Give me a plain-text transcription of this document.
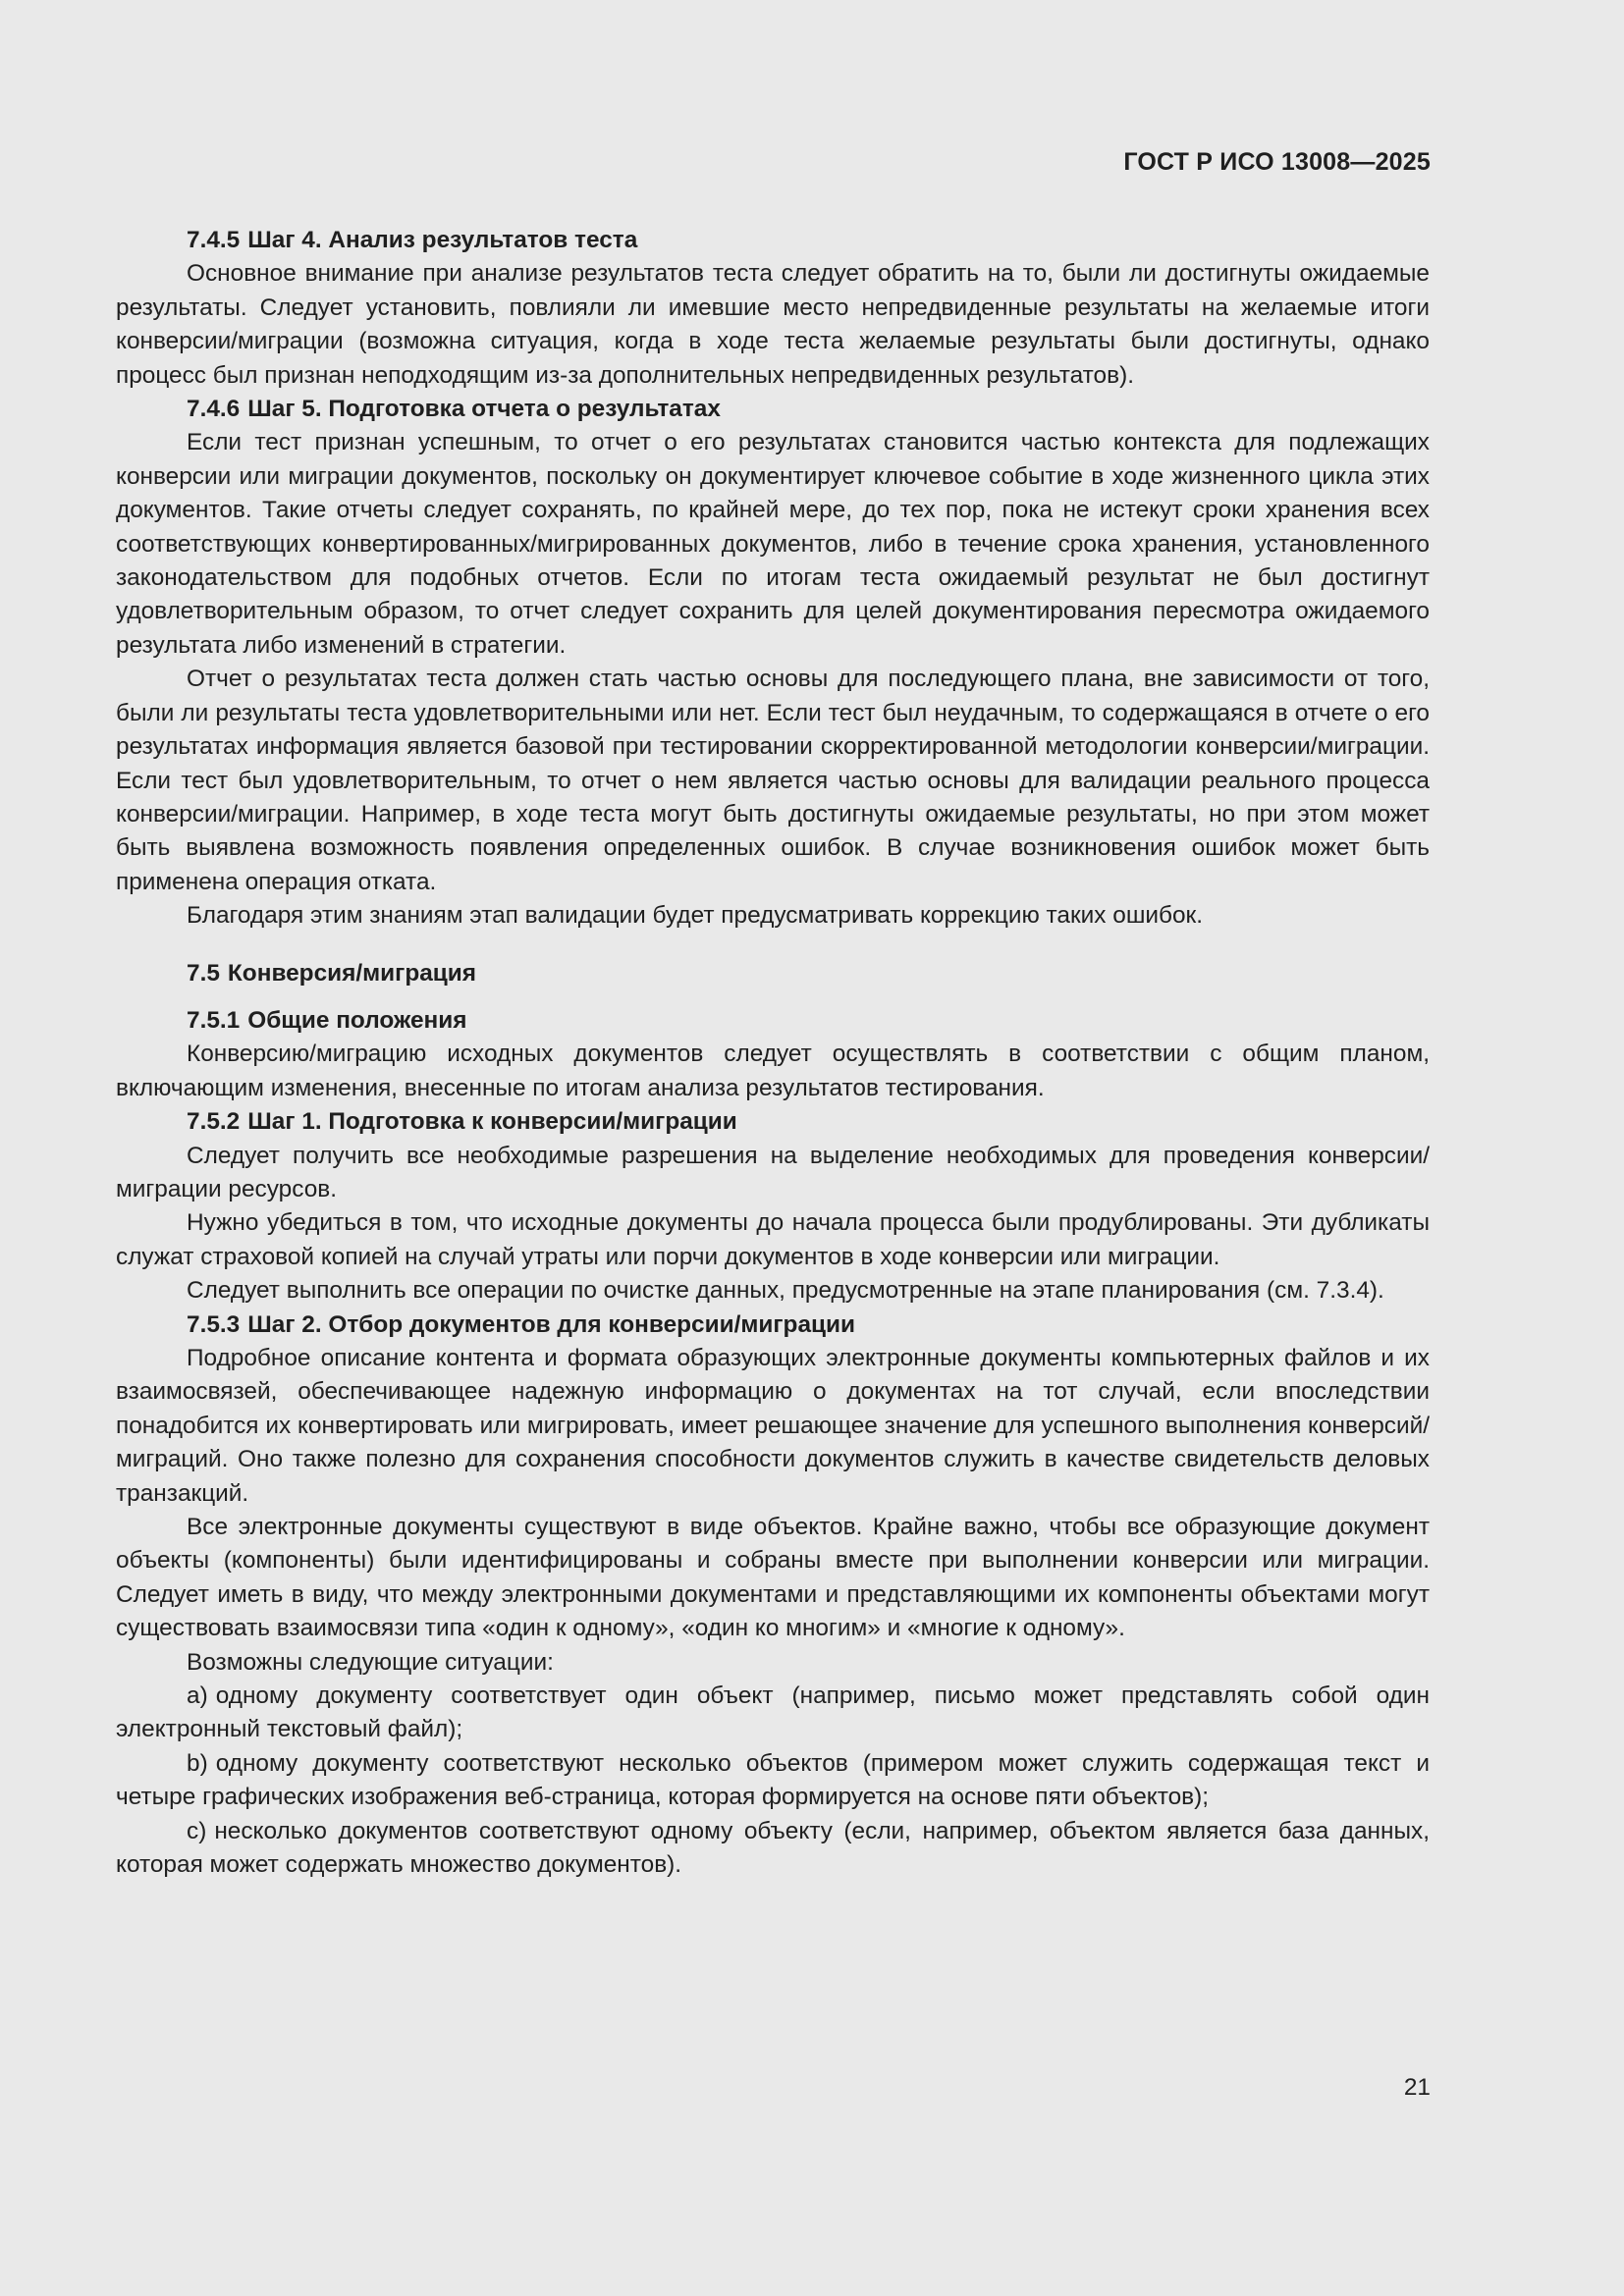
ГОСТ Р ИСО 13008—2025

7.4.5 Шаг 4. Анализ результатов теста

Основное внимание при анализе результатов теста следует обратить на то, были ли достигнуты ожидаемые результаты. Следует установить, повлияли ли имевшие место непредвиденные результаты на желаемые итоги конверсии/миграции (возможна ситуация, когда в ходе теста желаемые результаты были достигнуты, однако процесс был признан неподходящим из-за дополнительных непредвиденных результатов).

7.4.6 Шаг 5. Подготовка отчета о результатах

Если тест признан успешным, то отчет о его результатах становится частью контекста для подлежащих конверсии или миграции документов, поскольку он документирует ключевое событие в ходе жизненного цикла этих документов. Такие отчеты следует сохранять, по крайней мере, до тех пор, пока не истекут сроки хранения всех соответствующих конвертированных/мигрированных документов, либо в течение срока хранения, установленного законодательством для подобных отчетов. Если по итогам теста ожидаемый результат не был достигнут удовлетворительным образом, то отчет следует сохранить для целей документирования пересмотра ожидаемого результата либо изменений в стратегии.

Отчет о результатах теста должен стать частью основы для последующего плана, вне зависимости от того, были ли результаты теста удовлетворительными или нет. Если тест был неудачным, то содержащаяся в отчете о его результатах информация является базовой при тестировании скорректированной методологии конверсии/миграции. Если тест был удовлетворительным, то отчет о нем является частью основы для валидации реального процесса конверсии/миграции. Например, в ходе теста могут быть достигнуты ожидаемые результаты, но при этом может быть выявлена возможность появления определенных ошибок. В случае возникновения ошибок может быть применена операция отката.

Благодаря этим знаниям этап валидации будет предусматривать коррекцию таких ошибок.

7.5 Конверсия/миграция
7.5.1 Общие положения

Конверсию/миграцию исходных документов следует осуществлять в соответствии с общим планом, включающим изменения, внесенные по итогам анализа результатов тестирования.

7.5.2 Шаг 1. Подготовка к конверсии/миграции

Следует получить все необходимые разрешения на выделение необходимых для проведения конверсии/миграции ресурсов.

Нужно убедиться в том, что исходные документы до начала процесса были продублированы. Эти дубликаты служат страховой копией на случай утраты или порчи документов в ходе конверсии или миграции.

Следует выполнить все операции по очистке данных, предусмотренные на этапе планирования (см. 7.3.4).

7.5.3 Шаг 2. Отбор документов для конверсии/миграции

Подробное описание контента и формата образующих электронные документы компьютерных файлов и их взаимосвязей, обеспечивающее надежную информацию о документах на тот случай, если впоследствии понадобится их конвертировать или мигрировать, имеет решающее значение для успешного выполнения конверсий/миграций. Оно также полезно для сохранения способности документов служить в качестве свидетельств деловых транзакций.

Все электронные документы существуют в виде объектов. Крайне важно, чтобы все образующие документ объекты (компоненты) были идентифицированы и собраны вместе при выполнении конверсии или миграции. Следует иметь в виду, что между электронными документами и представляющими их компоненты объектами могут существовать взаимосвязи типа «один к одному», «один ко многим» и «многие к одному».

Возможны следующие ситуации:

a) одному документу соответствует один объект (например, письмо может представлять собой один электронный текстовый файл);

b) одному документу соответствуют несколько объектов (примером может служить содержащая текст и четыре графических изображения веб-страница, которая формируется на основе пяти объектов);

c) несколько документов соответствуют одному объекту (если, например, объектом является база данных, которая может содержать множество документов).

21
